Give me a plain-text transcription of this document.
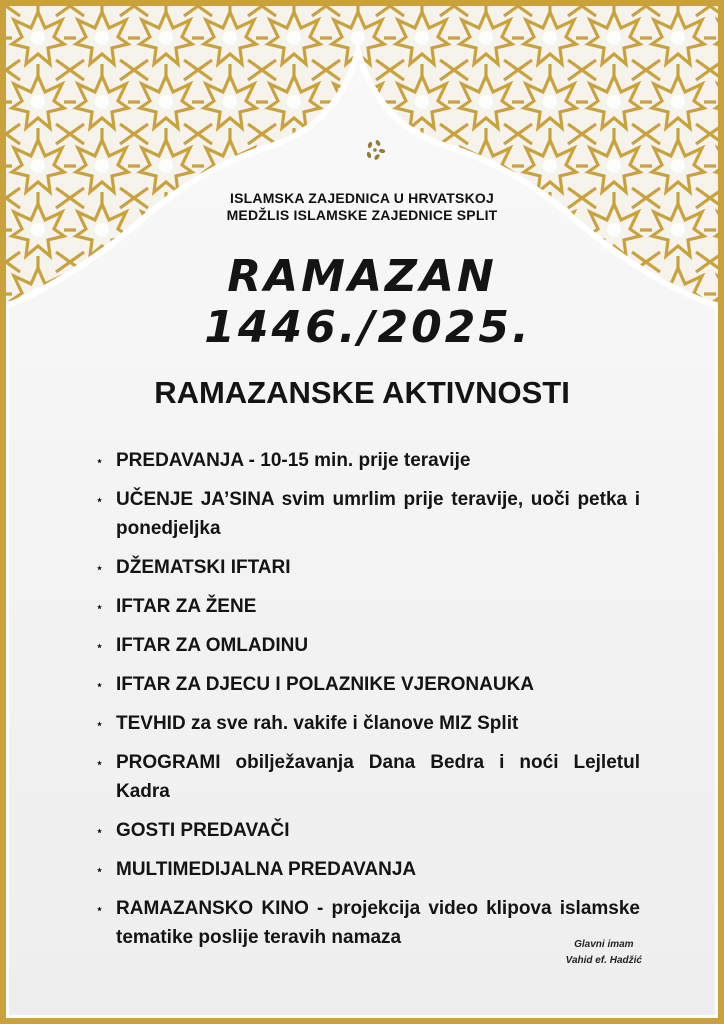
ISLAMSKA ZAJEDNICA U HRVATSKOJ
MEDŽLIS ISLAMSKE ZAJEDNICE SPLIT
RAMAZAN
1446./2025.
RAMAZANSKE AKTIVNOSTI
PREDAVANJA - 10-15 min. prije teravije
UČENJE JA’SINA svim umrlim prije teravije, uoči petka i ponedjeljka
DŽEMATSKI IFTARI
IFTAR ZA ŽENE
IFTAR ZA OMLADINU
IFTAR ZA DJECU I POLAZNIKE VJERONAUKA
TEVHID za sve rah. vakife i članove MIZ Split
PROGRAMI obilježavanja Dana Bedra i noći Lejletul Kadra
GOSTI PREDAVAČI
MULTIMEDIJALNA PREDAVANJA
RAMAZANSKO KINO - projekcija video klipova islamske tematike poslije teravih namaza	Glavni imam
Vahid ef. Hadžić
